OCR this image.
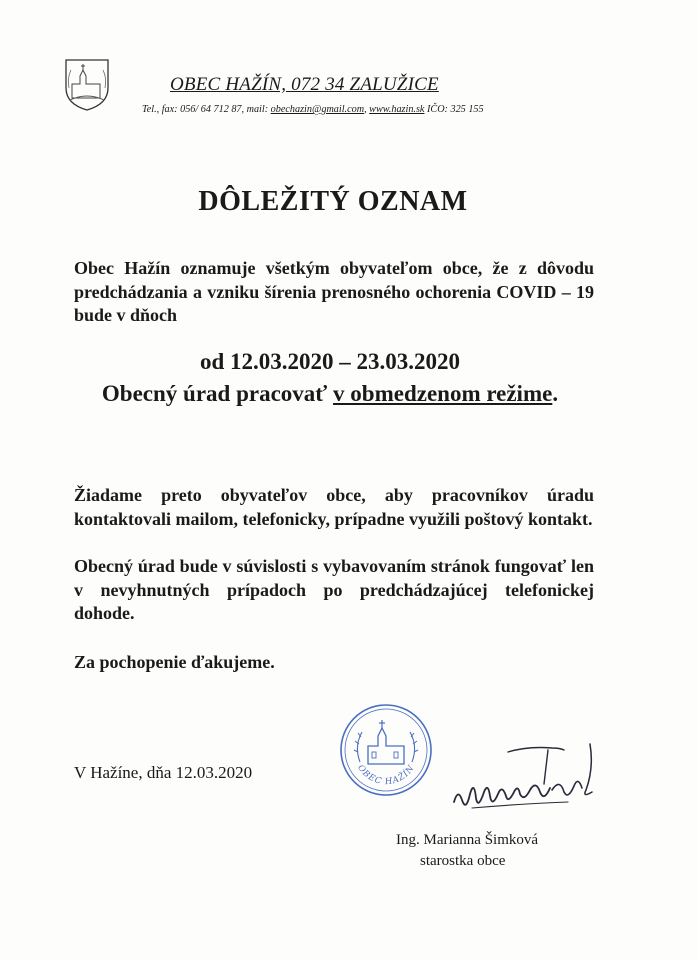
OBEC HAŽÍN, 072 34 ZALUŽICE
Tel., fax: 056/ 64 712 87, mail: obechazin@gmail.com, www.hazin.sk IČO: 325 155
DÔLEŽITÝ OZNAM
Obec Hažín oznamuje všetkým obyvateľom obce, že z dôvodu predchádzania a vzniku šírenia prenosného ochorenia COVID – 19 bude v dňoch
od 12.03.2020 – 23.03.2020
Obecný úrad pracovať v obmedzenom režime.
Žiadame preto obyvateľov obce, aby pracovníkov úradu kontaktovali mailom, telefonicky, prípadne využili poštový kontakt.
Obecný úrad bude v súvislosti s vybavovaním stránok fungovať len v nevyhnutných prípadoch po predchádzajúcej telefonickej dohode.
Za pochopenie ďakujeme.
V Hažíne, dňa 12.03.2020	OBEC HAŽÍN
Ing. Marianna Šimková
starostka obce
